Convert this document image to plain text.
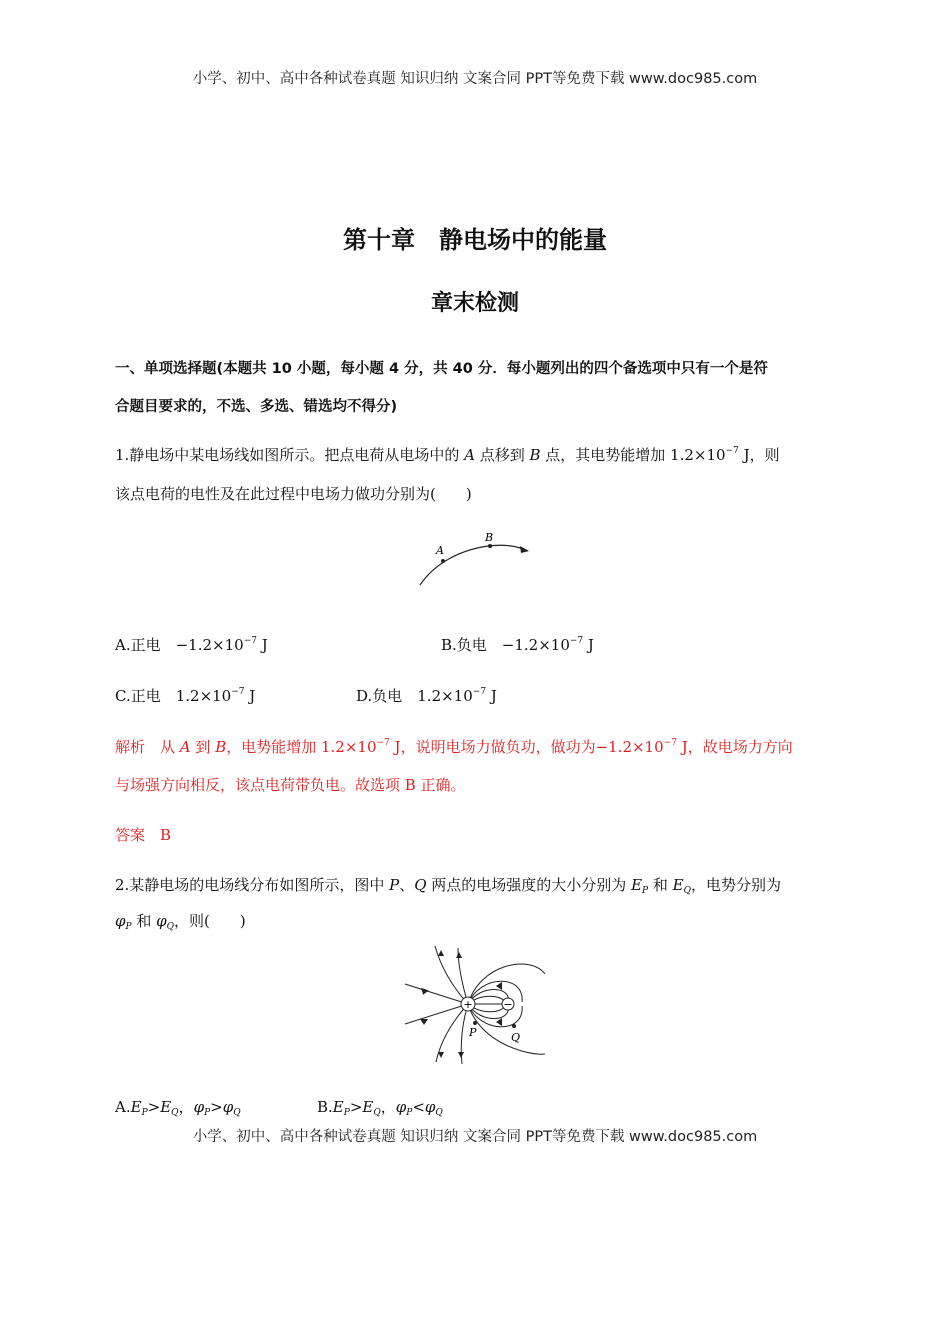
小学、初中、高中各种试卷真题 知识归纳 文案合同 PPT等免费下载 www.doc985.com
第十章　静电场中的能量
章末检测
一、单项选择题(本题共 10 小题，每小题 4 分，共 40 分．每小题列出的四个备选项中只有一个是符
合题目要求的，不选、多选、错选均不得分)
1.静电场中某电场线如图所示。把点电荷从电场中的 A 点移到 B 点，其电势能增加 $1.2\times 10^{-7}$ J，则
该点电荷的电性及在此过程中电场力做功分别为(　　)
A
B
A.正电　$-1.2\times 10^{-7}$ J	B.负电　$-1.2\times 10^{-7}$ J
C.正电　$1.2\times 10^{-7}$ J	D.负电　$1.2\times 10^{-7}$ J
解析　从 A 到 B，电势能增加 $1.2\times 10^{-7}$ J，说明电场力做负功，做功为$-1.2\times 10^{-7}$ J，故电场力方向
与场强方向相反，该点电荷带负电。故选项 B 正确。
答案　 B
2.某静电场的电场线分布如图所示，图中 P、Q 两点的电场强度的大小分别为 $E_P$ 和 $E_Q$，电势分别为
$\varphi_P$ 和 $\varphi_Q$，则(　　)
+	−
P	Q
$A.E_P>E_Q$，$\varphi_P>\varphi_Q$	$B.E_P>E_Q$，$\varphi_P<\varphi_Q$
小学、初中、高中各种试卷真题 知识归纳 文案合同 PPT等免费下载 www.doc985.com
